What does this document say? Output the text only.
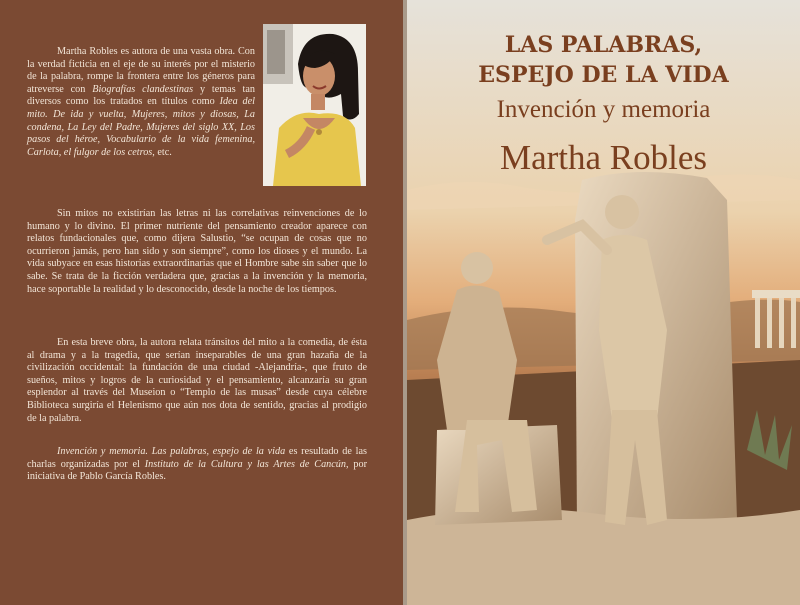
Martha Robles es autora de una vasta obra. Con la verdad ficticia en el eje de su interés por el misterio de la palabra, rompe la frontera entre los géneros para atreverse con Biografías clandestinas y temas tan diversos como los tratados en títulos como Idea del mito. De ida y vuelta, Mujeres, mitos y diosas, La condena, La Ley del Padre, Mujeres del siglo XX, Los pasos del héroe, Vocabulario de la vida femenina, Carlota, el fulgor de los cetros, etc.
Sin mitos no existirían las letras ni las correlativas reinvenciones de lo humano y lo divino. El primer nutriente del pensamiento creador aparece con relatos fundacionales que, como dijera Salustio, “se ocupan de cosas que no ocurrieron jamás, pero han sido y son siempre”, como los dioses y el mundo. La vida subyace en esas historias extraordinarias que el Hombre sabe sin saber que lo sabe. Se trata de la ficción verdadera que, gracias a la invención y la memoria, hace soportable la realidad y lo desconocido, desde la noche de los tiempos.
En esta breve obra, la autora relata tránsitos del mito a la comedia, de ésta al drama y a la tragedia, que serían inseparables de una gran hazaña de la civilización occidental: la fundación de una ciudad -Alejandría-, que fruto de sueños, mitos y logros de la curiosidad y el pensamiento, alcanzaría su gran esplendor al través del Museion o “Templo de las musas” desde cuya célebre Biblioteca surgiría el Helenismo que aún nos dota de sentido, gracias al prodigio de la palabra.
Invención y memoria. Las palabras, espejo de la vida es resultado de las charlas organizadas por el Instituto de la Cultura y las Artes de Cancún, por iniciativa de Pablo García Robles.
LAS PALABRAS,
ESPEJO DE LA VIDA
Invención y memoria
Martha Robles
